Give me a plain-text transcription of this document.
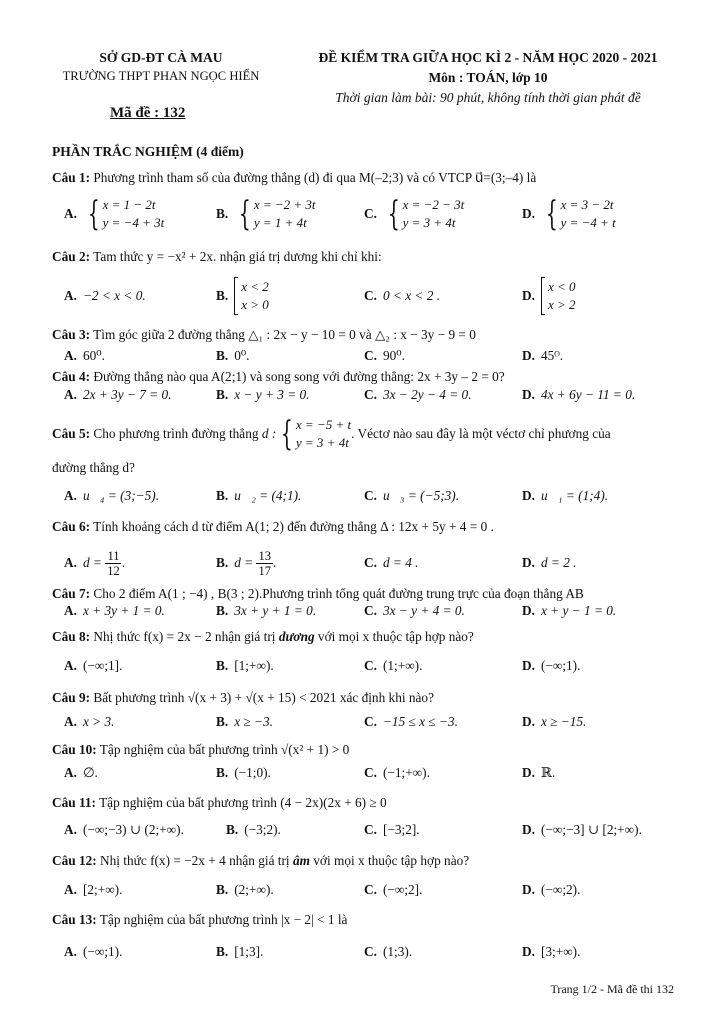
SỞ GD-ĐT CÀ MAU
TRƯỜNG THPT PHAN NGỌC HIỂN
ĐỀ KIỂM TRA GIỮA HỌC KÌ 2 - NĂM HỌC 2020 - 2021
Môn : TOÁN, lớp 10
Thời gian làm bài: 90 phút, không tính thời gian phát đề
Mã đề : 132
PHẦN TRẮC NGHIỆM (4 điểm)
Câu 1: Phương trình tham số của đường thẳng (d) đi qua M(–2;3) và có VTCP u⃗=(3;–4) là
A. { x = 1 − 2t
y = −4 + 3t
B. { x = −2 + 3t
y = 1 + 4t
C. { x = −2 − 3t
y = 3 + 4t
D. { x = 3 − 2t
y = −4 + t
Câu 2: Tam thức y = −x² + 2x. nhận giá trị dương khi chỉ khi:
A. −2 < x < 0.	B.
x < 2
x > 0
C. 0 < x < 2 .	D.
x < 0
x > 2
Câu 3: Tìm góc giữa 2 đường thẳng △₁ : 2x − y − 10 = 0 và △₂ : x − 3y − 9 = 0
A. 60⁰.	B. 0⁰.	C. 90⁰.	D. 45ᴼ.
Câu 4: Đường thẳng nào qua A(2;1) và song song với đường thẳng: 2x + 3y – 2 = 0?
A. 2x + 3y − 7 = 0.	B. x − y + 3 = 0.	C. 3x − 2y − 4 = 0.	D. 4x + 6y − 11 = 0.
Câu 5:
Cho phương trình đường thẳng
d : { x = −5 + t
y = 3 + 4t
. Véctơ nào sau đây là một véctơ chỉ phương của
đường thẳng d?
A. u⃗₄ = (3;−5).	B. u⃗₂ = (4;1).	C. u⃗₃ = (−5;3).	D. u⃗₁ = (1;4).
Câu 6: Tính khoảng cách d từ điểm A(1; 2) đến đường thẳng Δ : 12x + 5y + 4 = 0 .
A. d =
$\frac{11}{12}$ .	B. d =
$\frac{13}{17}$ .	C. d = 4 .	D. d = 2 .
Câu 7: Cho 2 điểm A(1 ; −4) , B(3 ; 2).Phương trình tổng quát đường trung trực của đoạn thẳng AB
A. x + 3y + 1 = 0.	B. 3x + y + 1 = 0.	C. 3x − y + 4 = 0.	D. x + y − 1 = 0.
Câu 8: Nhị thức f(x) = 2x − 2 nhận giá trị dương với mọi x thuộc tập hợp nào?
A. (−∞;1].	B. [1;+∞).	C. (1;+∞).	D. (−∞;1).
Câu 9: Bất phương trình √(x + 3) + √(x + 15) < 2021 xác định khi nào?
A. x > 3.	B. x ≥ −3.	C. −15 ≤ x ≤ −3.	D. x ≥ −15.
Câu 10: Tập nghiệm của bất phương trình √(x² + 1) > 0
A. ∅.	B. (−1;0).	C. (−1;+∞).	D. ℝ.
Câu 11: Tập nghiệm của bất phương trình (4 − 2x)(2x + 6) ≥ 0
A. (−∞;−3) ∪ (2;+∞).	B. (−3;2).	C. [−3;2].	D. (−∞;−3] ∪ [2;+∞).
Câu 12: Nhị thức f(x) = −2x + 4 nhận giá trị âm với mọi x thuộc tập hợp nào?
A. [2;+∞).	B. (2;+∞).	C. (−∞;2].	D. (−∞;2).
Câu 13: Tập nghiệm của bất phương trình |x − 2| < 1 là
A. (−∞;1).	B. [1;3].	C. (1;3).	D. [3;+∞).
Trang 1/2 - Mã đề thi 132
